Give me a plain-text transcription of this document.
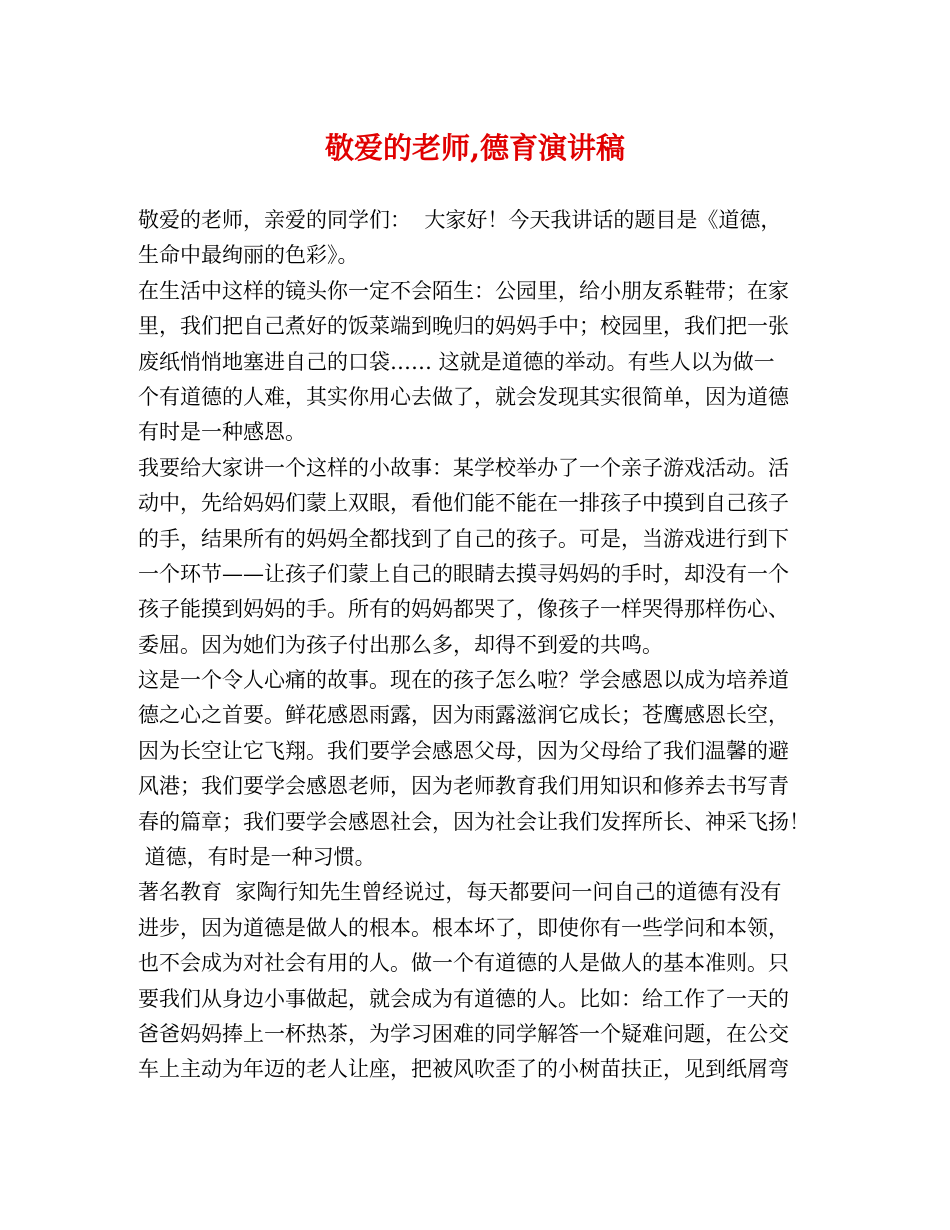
敬爱的老师,德育演讲稿
敬爱的老师，亲爱的同学们：  大家好！今天我讲话的题目是《道德，
生命中最绚丽的色彩》。
在生活中这样的镜头你一定不会陌生：公园里，给小朋友系鞋带；在家
里，我们把自己煮好的饭菜端到晚归的妈妈手中；校园里，我们把一张
废纸悄悄地塞进自己的口袋…… 这就是道德的举动。有些人以为做一
个有道德的人难，其实你用心去做了，就会发现其实很简单，因为道德
有时是一种感恩。
我要给大家讲一个这样的小故事：某学校举办了一个亲子游戏活动。活
动中，先给妈妈们蒙上双眼，看他们能不能在一排孩子中摸到自己孩子
的手，结果所有的妈妈全都找到了自己的孩子。可是，当游戏进行到下
一个环节——让孩子们蒙上自己的眼睛去摸寻妈妈的手时，却没有一个
孩子能摸到妈妈的手。所有的妈妈都哭了，像孩子一样哭得那样伤心、
委屈。因为她们为孩子付出那么多，却得不到爱的共鸣。
这是一个令人心痛的故事。现在的孩子怎么啦？学会感恩以成为培养道
德之心之首要。鲜花感恩雨露，因为雨露滋润它成长；苍鹰感恩长空，
因为长空让它飞翔。我们要学会感恩父母，因为父母给了我们温馨的避
风港；我们要学会感恩老师，因为老师教育我们用知识和修养去书写青
春的篇章；我们要学会感恩社会，因为社会让我们发挥所长、神采飞扬！
道德，有时是一种习惯。
著名教育  家陶行知先生曾经说过，每天都要问一问自己的道德有没有
进步，因为道德是做人的根本。根本坏了，即使你有一些学问和本领，
也不会成为对社会有用的人。做一个有道德的人是做人的基本准则。只
要我们从身边小事做起，就会成为有道德的人。比如：给工作了一天的
爸爸妈妈捧上一杯热茶，为学习困难的同学解答一个疑难问题，在公交
车上主动为年迈的老人让座，把被风吹歪了的小树苗扶正，见到纸屑弯
